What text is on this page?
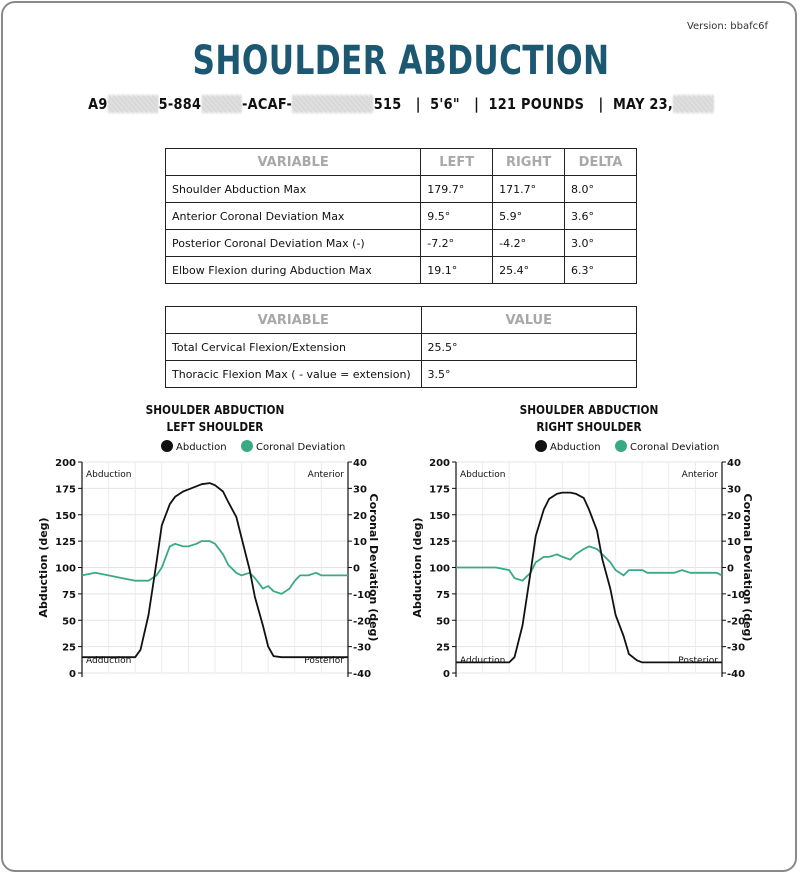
Version: bbafc6f
SHOULDER ABDUCTION
A9	5-884	-ACAF-	515   |  5'6"   |  121 POUNDS   |  MAY 23,
VARIABLE	LEFT	RIGHT	DELTA
Shoulder Abduction Max	179.7°	171.7°	8.0°
Anterior Coronal Deviation Max	9.5°	5.9°	3.6°
Posterior Coronal Deviation Max (-)	-7.2°	-4.2°	3.0°
Elbow Flexion during Abduction Max	19.1°	25.4°	6.3°
VARIABLE	VALUE
Total Cervical Flexion/Extension	25.5°
Thoracic Flexion Max ( - value = extension)	3.5°
SHOULDER ABDUCTION
LEFT SHOULDER
SHOULDER ABDUCTION
RIGHT SHOULDER
Abduction	Coronal Deviation
0
25
50
75
100
125
150
175
200
-40
-30
-20
-10
0
10
20
30
40
Abduction (deg)	Coronal Deviation (deg)
Abduction	Anterior
Adduction	Posterior
Abduction	Coronal Deviation
0
25
50
75
100
125
150
175
200
-40
-30
-20
-10
0
10
20
30
40
Abduction (deg)	Coronal Deviation (deg)
Abduction	Anterior
Adduction	Posterior
